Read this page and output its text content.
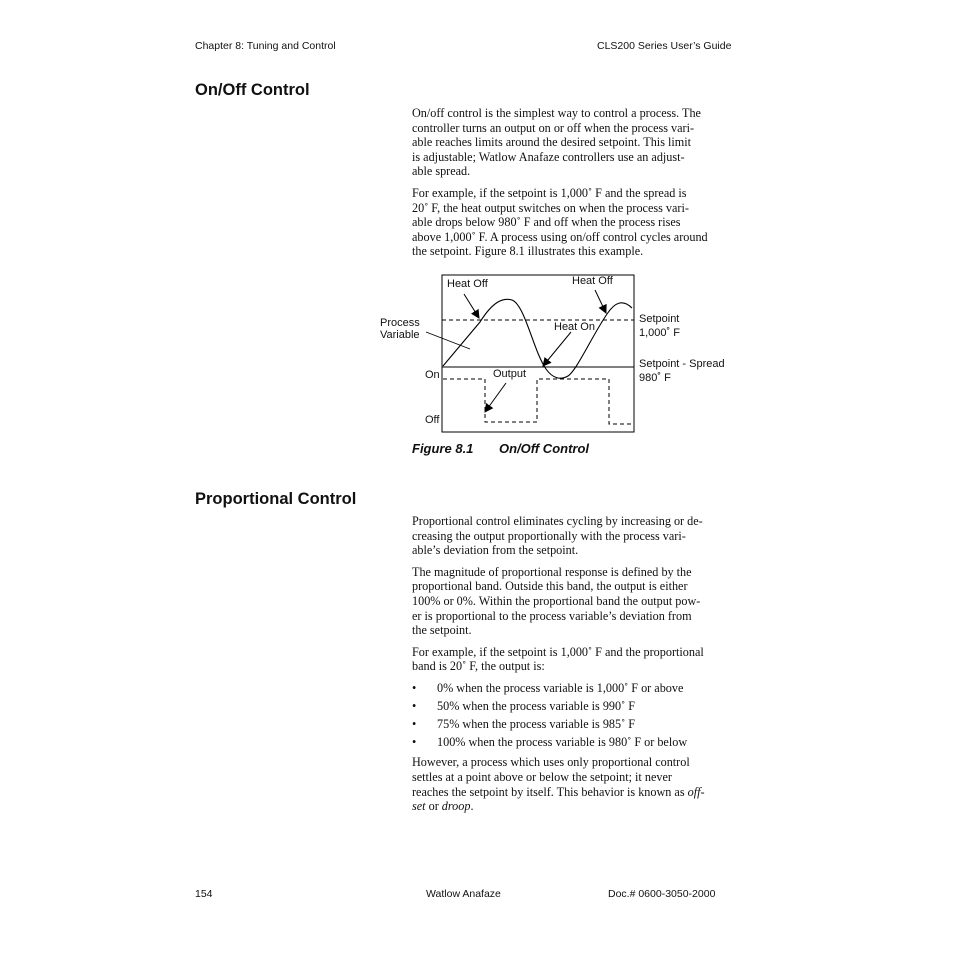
Chapter 8: Tuning and Control	CLS200 Series User’s Guide
On/Off Control

On/off control is the simplest way to control a process. The
controller turns an output on or off when the process vari-
able reaches limits around the desired setpoint. This limit
is adjustable; Watlow Anafaze controllers use an adjust-
able spread.

For example, if the setpoint is 1,000˚ F and the spread is
20˚ F, the heat output switches on when the process vari-
able drops below 980˚ F and off when the process rises
above 1,000˚ F. A process using on/off control cycles around
the setpoint. Figure 8.1 illustrates this example.

Heat Off	Heat Off
Heat On
Process
Variable
Setpoint
1,000˚ F
Setpoint - Spread
980˚ F
On
Off
Output
Figure 8.1 On/Off Control
Proportional Control

Proportional control eliminates cycling by increasing or de-
creasing the output proportionally with the process vari-
able’s deviation from the setpoint.

The magnitude of proportional response is defined by the
proportional band. Outside this band, the output is either
100% or 0%. Within the proportional band the output pow-
er is proportional to the process variable’s deviation from
the setpoint.

For example, if the setpoint is 1,000˚ F and the proportional
band is 20˚ F, the output is:

• 0% when the process variable is 1,000˚ F or above
• 50% when the process variable is 990˚ F
• 75% when the process variable is 985˚ F
• 100% when the process variable is 980˚ F or below

However, a process which uses only proportional control
settles at a point above or below the setpoint; it never
reaches the setpoint by itself. This behavior is known as off-
set or droop.

154	Watlow Anafaze	Doc.# 0600-3050-2000
